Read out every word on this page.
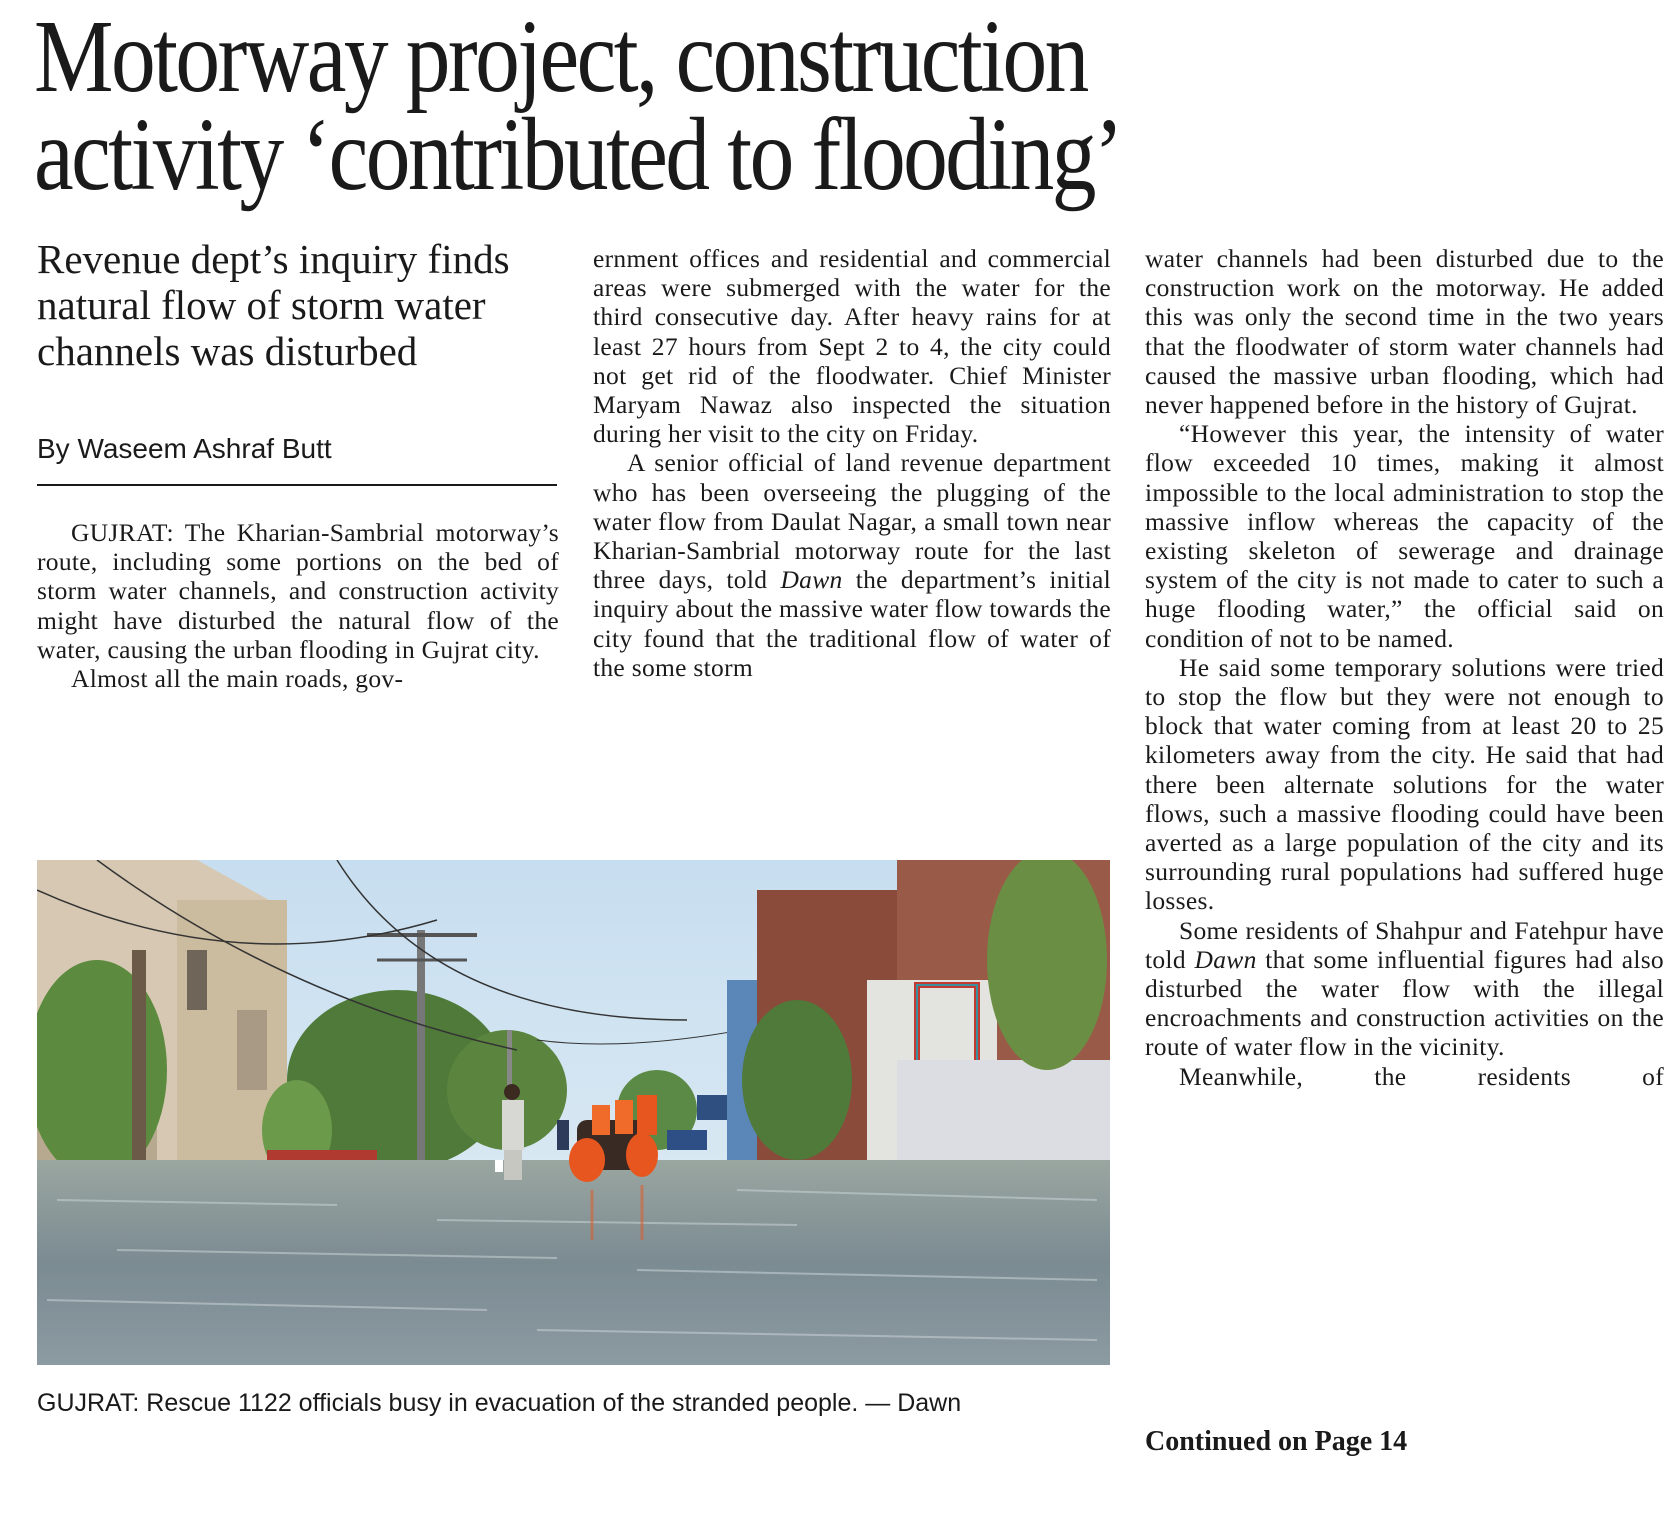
Motorway project, construction
activity ‘contributed to flooding’
Revenue dept’s inquiry finds natural flow of storm water channels was disturbed
By Waseem Ashraf Butt

GUJRAT: The Kharian-Sambrial motorway’s route, including some portions on the bed of storm water channels, and construction activity might have disturbed the natural flow of the water, causing the urban flooding in Gujrat city.

Almost all the main roads, gov-

ernment offices and residential and commercial areas were submerged with the water for the third consecutive day. After heavy rains for at least 27 hours from Sept 2 to 4, the city could not get rid of the floodwater. Chief Minister Maryam Nawaz also inspected the situation during her visit to the city on Friday.

A senior official of land revenue department who has been overseeing the plugging of the water flow from Daulat Nagar, a small town near Kharian-Sambrial motorway route for the last three days, told Dawn the department’s initial inquiry about the massive water flow towards the city found that the traditional flow of water of the some storm

water channels had been disturbed due to the construction work on the motorway. He added this was only the second time in the two years that the floodwater of storm water channels had caused the massive urban flooding, which had never happened before in the history of Gujrat.

“However this year, the intensity of water flow exceeded 10 times, making it almost impossible to the local administration to stop the massive inflow whereas the capacity of the existing skeleton of sewerage and drainage system of the city is not made to cater to such a huge flooding water,” the official said on condition of not to be named.

He said some temporary solutions were tried to stop the flow but they were not enough to block that water coming from at least 20 to 25 kilometers away from the city. He said that had there been alternate solutions for the water flows, such a massive flooding could have been averted as a large population of the city and its surrounding rural populations had suffered huge losses.

Some residents of Shahpur and Fatehpur have told Dawn that some influential figures had also disturbed the water flow with the illegal encroachments and construction activities on the route of water flow in the vicinity.

Meanwhile, the residents of

GUJRAT: Rescue 1122 officials busy in evacuation of the stranded people. — Dawn
Continued on Page 14
